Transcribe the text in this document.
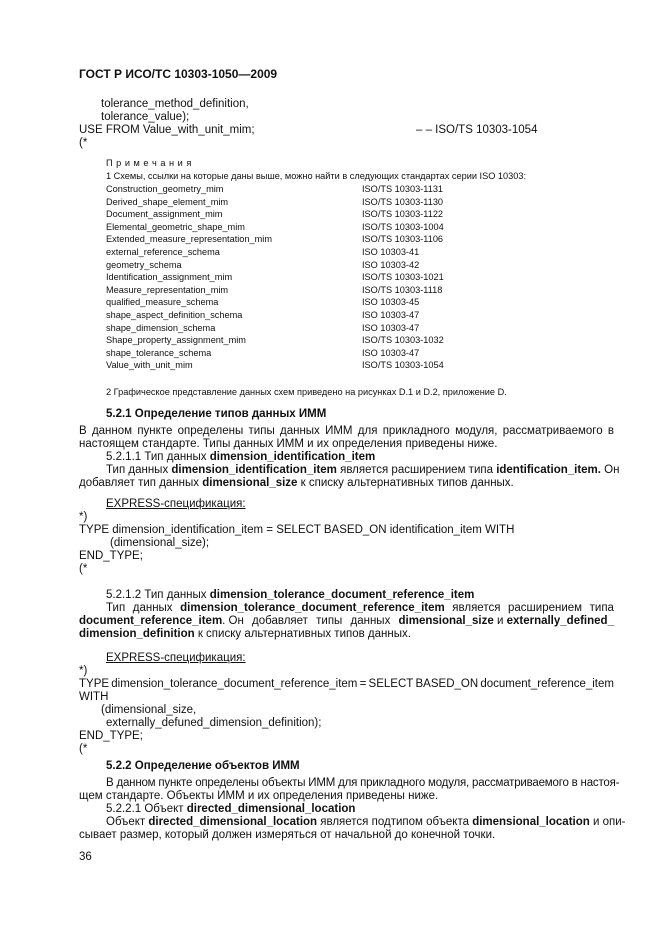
ГОСТ Р ИСО/ТС 10303-1050—2009
tolerance_method_definition,
tolerance_value);
USE FROM Value_with_unit_mim;	– – ISO/TS 10303-1054
(*
П р и м е ч а н и я
1 Схемы, ссылки на которые даны выше, можно найти в следующих стандартах серии ISO 10303:
Construction_geometry_mim	ISO/TS 10303-1131
Derived_shape_element_mim	ISO/TS 10303-1130
Document_assignment_mim	ISO/TS 10303-1122
Elemental_geometric_shape_mim	ISO/TS 10303-1004
Extended_measure_representation_mim	ISO/TS 10303-1106
external_reference_schema	ISO 10303-41
geometry_schema	ISO 10303-42
Identification_assignment_mim	ISO/TS 10303-1021
Measure_representation_mim	ISO/TS 10303-1118
qualified_measure_schema	ISO 10303-45
shape_aspect_definition_schema	ISO 10303-47
shape_dimension_schema	ISO 10303-47
Shape_property_assignment_mim	ISO/TS 10303-1032
shape_tolerance_schema	ISO 10303-47
Value_with_unit_mim	ISO/TS 10303-1054
2 Графическое представление данных схем приведено на рисунках D.1 и D.2, приложение D.
5.2.1 Определение типов данных ИММ
В данном пункте определены типы данных ИММ для прикладного модуля, рассматриваемого в
настоящем стандарте. Типы данных ИММ и их определения приведены ниже.
5.2.1.1 Тип данных dimension_identification_item
Тип данных dimension_identification_item является расширением типа identification_item. Он
добавляет тип данных dimensional_size к списку альтернативных типов данных.
EXPRESS-спецификация:
*)
TYPE dimension_identification_item = SELECT BASED_ON identification_item WITH
(dimensional_size);
END_TYPE;
(*
5.2.1.2 Тип данных dimension_tolerance_document_reference_item
Тип данных dimension_tolerance_document_reference_item является расширением типа
document_reference_item. Он добавляет типы данных dimensional_size и externally_defined_
dimension_definition к списку альтернативных типов данных.
EXPRESS-спецификация:
*)
TYPE dimension_tolerance_document_reference_item = SELECT BASED_ON document_reference_item
WITH
(dimensional_size,
externally_defuned_dimension_definition);
END_TYPE;
(*
5.2.2 Определение объектов ИММ
В данном пункте определены объекты ИММ для прикладного модуля, рассматриваемого в настоя-
щем стандарте. Объекты ИММ и их определения приведены ниже.
5.2.2.1 Объект directed_dimensional_location
Объект directed_dimensional_location является подтипом объекта dimensional_location и опи-
сывает размер, который должен измеряться от начальной до конечной точки.
36
